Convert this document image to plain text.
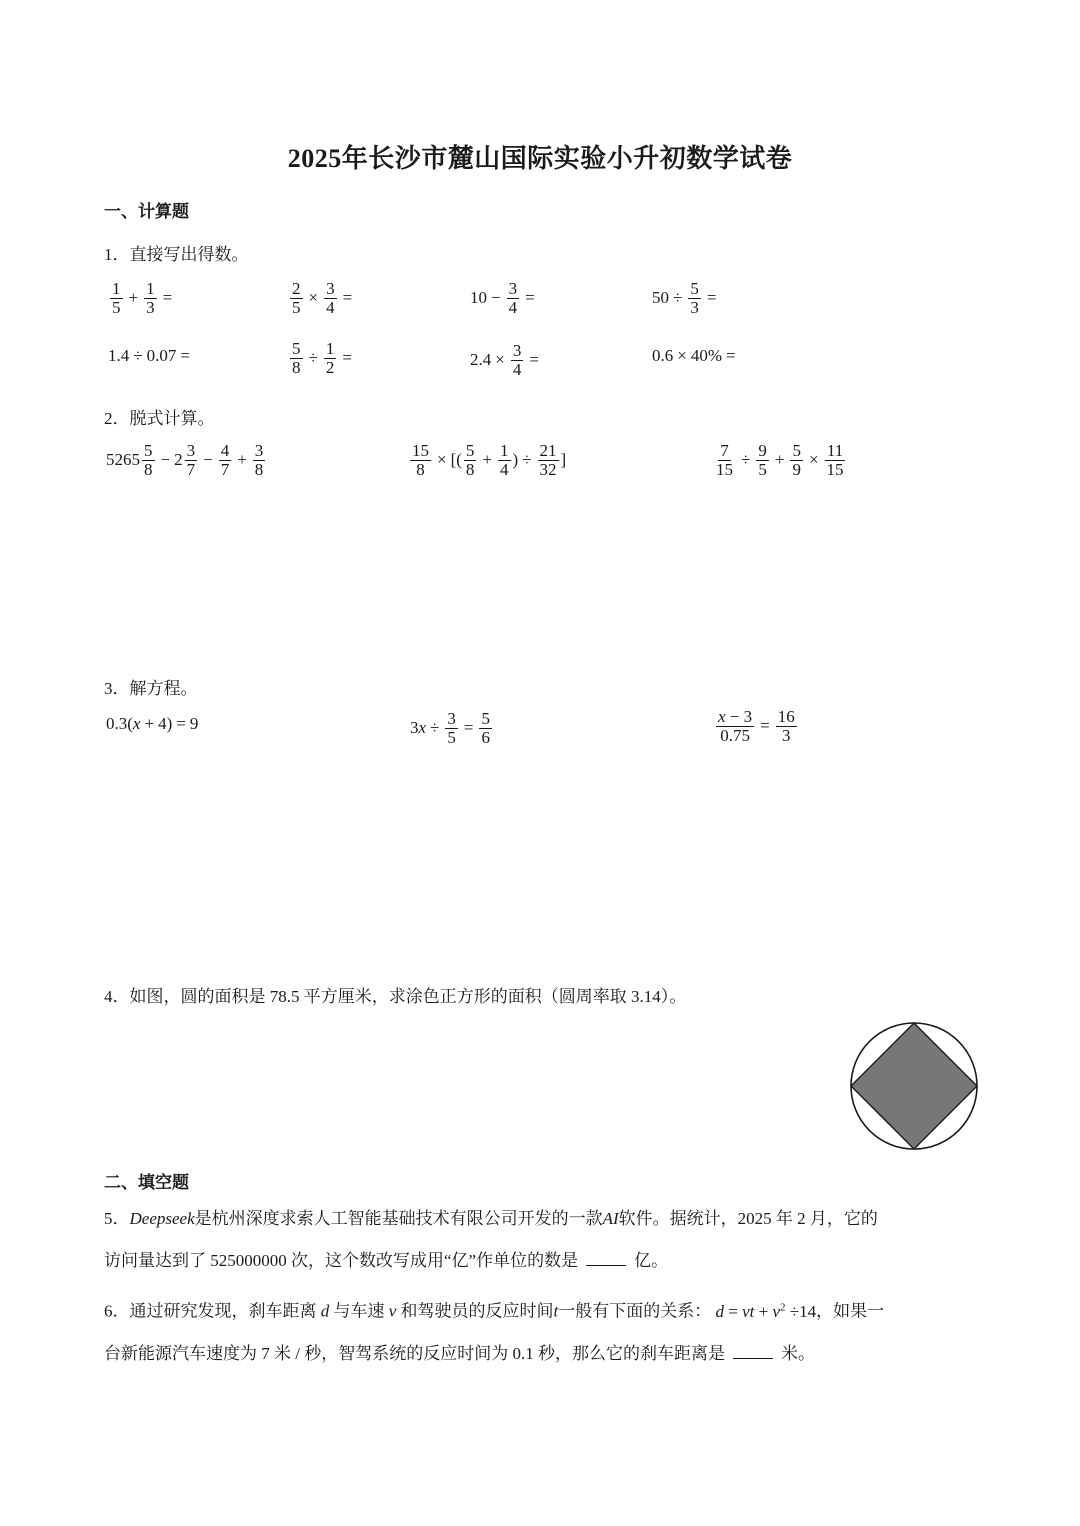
2025年长沙市麓山国际实验小升初数学试卷
一、计算题
1．直接写出得数。
$\frac{1}{5} + \frac{1}{3}$ =	$\frac{2}{5} \times \frac{3}{4}$ =	$10 - \frac{3}{4}$ =	$50 \div \frac{5}{3}$ =
1.4 ÷ 0.07 =	$\frac{5}{8} \div \frac{1}{2}$ =	$2.4 \times \frac{3}{4}$ =	0.6 × 40% =
2．脱式计算。
$5265 \frac{5}{8} - 2 \frac{3}{7} - \frac{4}{7} + \frac{3}{8}$	$\frac{15}{8}$ × [( $\frac{5}{8} + \frac{1}{4}$ ) ÷ $\frac{21}{32}$ ]	$\frac{7}{15} \div \frac{9}{5} + \frac{5}{9} \times \frac{11}{15}$
3．解方程。
0.3( x + 4) = 9	3 $x \div \frac{3}{5} = \frac{5}{6}$	$\frac{x - 3}{0.75} = \frac{16}{3}$
4．如图，圆的面积是 78.5 平方厘米，求涂色正方形的面积（圆周率取 3.14）。
二、填空题
5．Deepseek是杭州深度求索人工智能基础技术有限公司开发的一款AI软件。据统计，2025 年 2 月，它的
访问量达到了 525000000 次，这个数改写成用“亿”作单位的数是	亿。
6．通过研究发现，刹车距离 d 与车速 v 和驾驶员的反应时间t一般有下面的关系： d = vt + $v^2 \div 14$，如果一
台新能源汽车速度为 7 米 / 秒，智驾系统的反应时间为 0.1 秒，那么它的刹车距离是	米。
